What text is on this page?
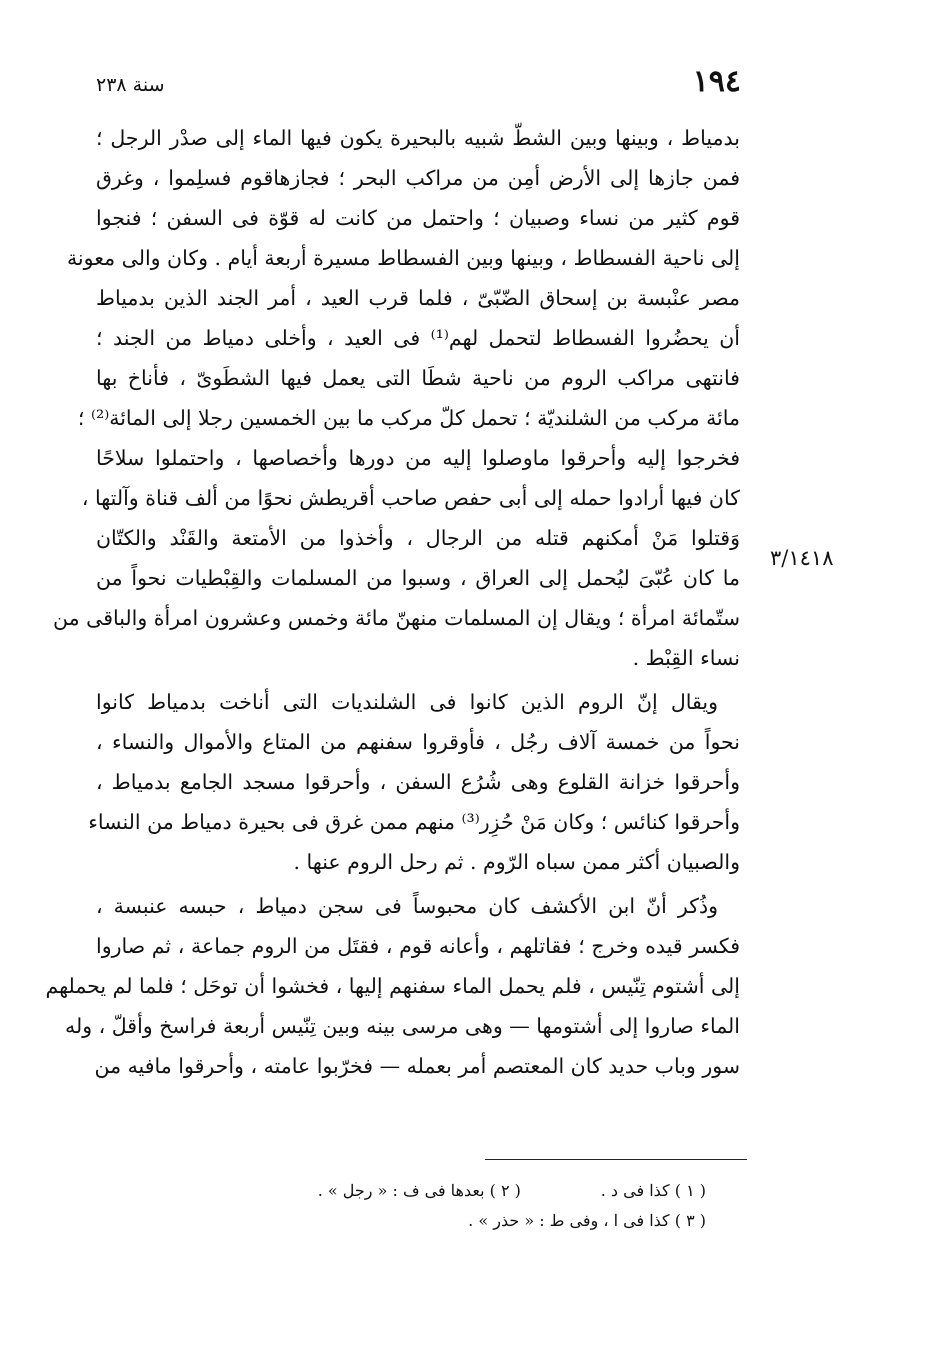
١٩٤
سنة ٢٣٨
٣/١٤١٨
بدمياط ، وبينها وبين الشطّ شبيه بالبحيرة يكون فيها الماء إلى صدْر الرجل ؛
فمن جازها إلى الأرض أمِن من مراكب البحر ؛ فجازهاقوم فسلِموا ، وغرق
قوم كثير من نساء وصبيان ؛ واحتمل من كانت له قوّة فى السفن ؛ فنجوا
إلى ناحية الفسطاط ، وبينها وبين الفسطاط مسيرة أربعة أيام . وكان والى معونة
مصر عنْبسة بن إسحاق الضّبّىّ ، فلما قرب العيد ، أمر الجند الذين بدمياط
أن يحضُروا الفسطاط لتحمل لهم⁽¹⁾ فى العيد ، وأخلى دمياط من الجند ؛
فانتهى مراكب الروم من ناحية شطَا التى يعمل فيها الشطَوىّ ، فأناخ بها
مائة مركب من الشلنديّة ؛ تحمل كلّ مركب ما بين الخمسين رجلا إلى المائة⁽²⁾ ؛
فخرجوا إليه وأحرقوا ماوصلوا إليه من دورها وأخصاصها ، واحتملوا سلاحًا
كان فيها أرادوا حمله إلى أبى حفص صاحب أقريطش نحوًا من ألف قناة وآلتها ،
وَقتلوا مَنْ أمكنهم قتله من الرجال ، وأخذوا من الأمتعة والقَنْد والكتّان
ما كان عُبّىَ ليُحمل إلى العراق ، وسبوا من المسلمات والقِبْطيات نحواً من
ستّمائة امرأة ؛ ويقال إن المسلمات منهنّ مائة وخمس وعشرون امرأة والباقى من
نساء القِبْط .
ويقال إنّ الروم الذين كانوا فى الشلنديات التى أناخت بدمياط كانوا
نحواً من خمسة آلاف رجُل ، فأوقروا سفنهم من المتاع والأموال والنساء ،
وأحرقوا خزانة القلوع وهى شُرُع السفن ، وأحرقوا مسجد الجامع بدمياط ،
وأحرقوا كنائس ؛ وكان مَنْ حُزِر⁽³⁾ منهم ممن غرق فى بحيرة دمياط من النساء
والصبيان أكثر ممن سباه الرّوم . ثم رحل الروم عنها .
وذُكر أنّ ابن الأكشف كان محبوساً فى سجن دمياط ، حبسه عنبسة ،
فكسر قيده وخرج ؛ فقاتلهم ، وأعانه قوم ، فقتَل من الروم جماعة ، ثم صاروا
إلى أشتوم تِنّيس ، فلم يحمل الماء سفنهم إليها ، فخشوا أن توحَل ؛ فلما لم يحملهم
الماء صاروا إلى أشتومها — وهى مرسى بينه وبين تِنّيس أربعة فراسخ وأقلّ ، وله
سور وباب حديد كان المعتصم أمر بعمله — فخرّبوا عامته ، وأحرقوا مافيه من
( ١ ) كذا فى د . ( ٢ ) بعدها فى ف : « رجل » .
( ٣ ) كذا فى ا ، وفى ط : « حذر » .
